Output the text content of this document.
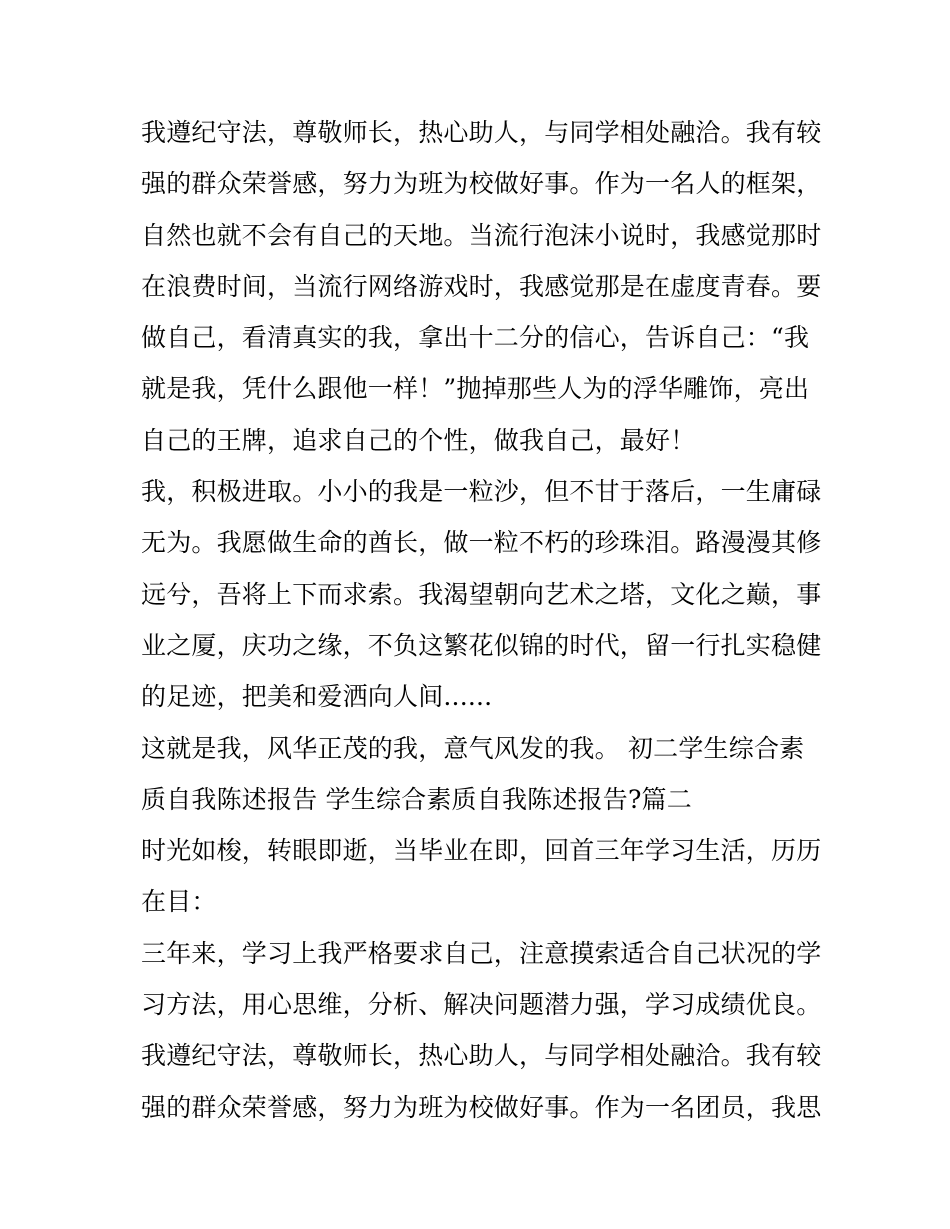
我遵纪守法，尊敬师长，热心助人，与同学相处融洽。我有较
强的群众荣誉感，努力为班为校做好事。作为一名人的框架，
自然也就不会有自己的天地。当流行泡沫小说时，我感觉那时
在浪费时间，当流行网络游戏时，我感觉那是在虚度青春。要
做自己，看清真实的我，拿出十二分的信心，告诉自己：“我
就是我，凭什么跟他一样！”抛掉那些人为的浮华雕饰，亮出
自己的王牌，追求自己的个性，做我自己，最好！
我，积极进取。小小的我是一粒沙，但不甘于落后，一生庸碌
无为。我愿做生命的酋长，做一粒不朽的珍珠泪。路漫漫其修
远兮，吾将上下而求索。我渴望朝向艺术之塔，文化之巅，事
业之厦，庆功之缘，不负这繁花似锦的时代，留一行扎实稳健
的足迹，把美和爱洒向人间......
这就是我，风华正茂的我，意气风发的我。 初二学生综合素
质自我陈述报告 学生综合素质自我陈述报告?篇二
时光如梭，转眼即逝，当毕业在即，回首三年学习生活，历历
在目：
三年来，学习上我严格要求自己，注意摸索适合自己状况的学
习方法，用心思维，分析、解决问题潜力强，学习成绩优良。
我遵纪守法，尊敬师长，热心助人，与同学相处融洽。我有较
强的群众荣誉感，努力为班为校做好事。作为一名团员，我思
